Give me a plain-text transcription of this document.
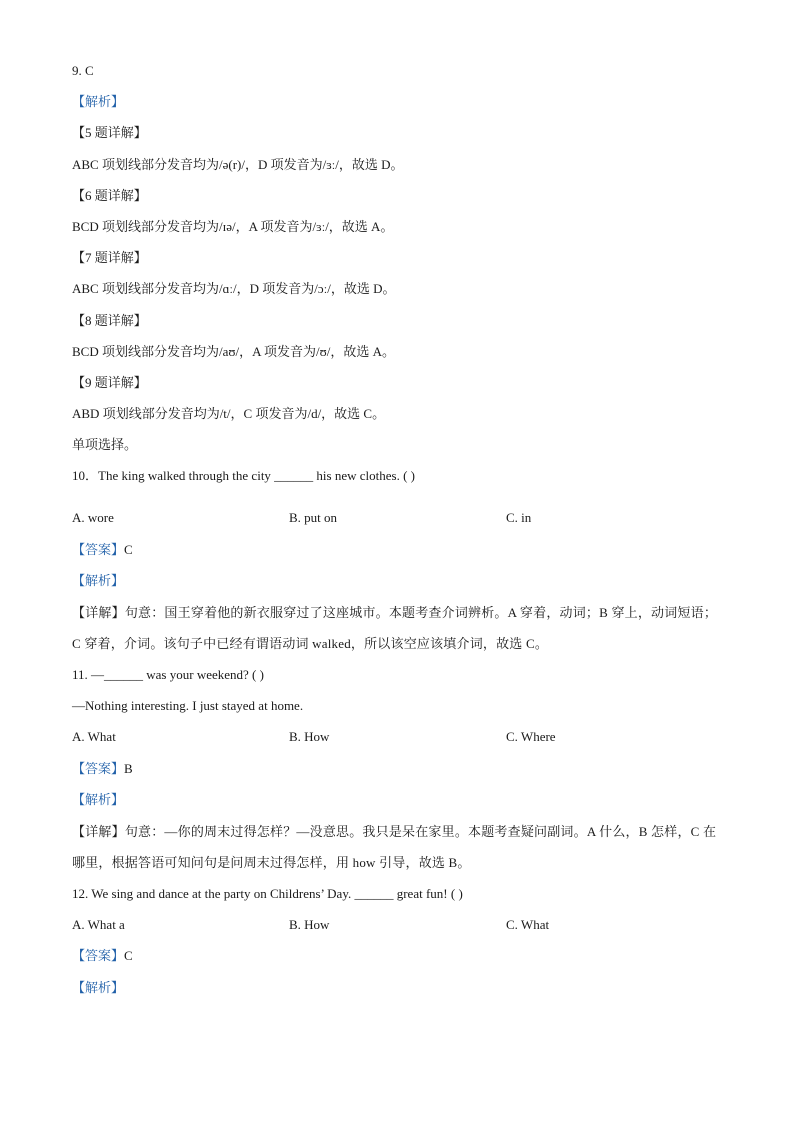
9. C
【解析】
【5 题详解】
ABC 项划线部分发音均为/ə(r)/，D 项发音为/ɜː/，故选 D。
【6 题详解】
BCD 项划线部分发音均为/ɪə/，A 项发音为/ɜː/，故选 A。
【7 题详解】
ABC 项划线部分发音均为/ɑː/，D 项发音为/ɔː/，故选 D。
【8 题详解】
BCD 项划线部分发音均为/aʊ/，A 项发音为/ʊ/，故选 A。
【9 题详解】
ABD 项划线部分发音均为/t/，C 项发音为/d/，故选 C。
单项选择。
10．The king walked through the city ______ his new clothes. ( )
A. wore	B. put on	C. in
【答案】C
【解析】
【详解】句意：国王穿着他的新衣服穿过了这座城市。本题考查介词辨析。A 穿着，动词；B 穿上，动词短语；C 穿着，介词。该句子中已经有谓语动词 walked，所以该空应该填介词，故选 C。
11. —______ was your weekend? ( )
—Nothing interesting. I just stayed at home.
A. What	B. How	C. Where
【答案】B
【解析】
【详解】句意：—你的周末过得怎样？—没意思。我只是呆在家里。本题考查疑问副词。A 什么，B 怎样，C 在哪里，根据答语可知问句是问周末过得怎样，用 how 引导，故选 B。
12. We sing and dance at the party on Childrens’ Day. ______ great fun! ( )
A. What a	B. How	C. What
【答案】C
【解析】
